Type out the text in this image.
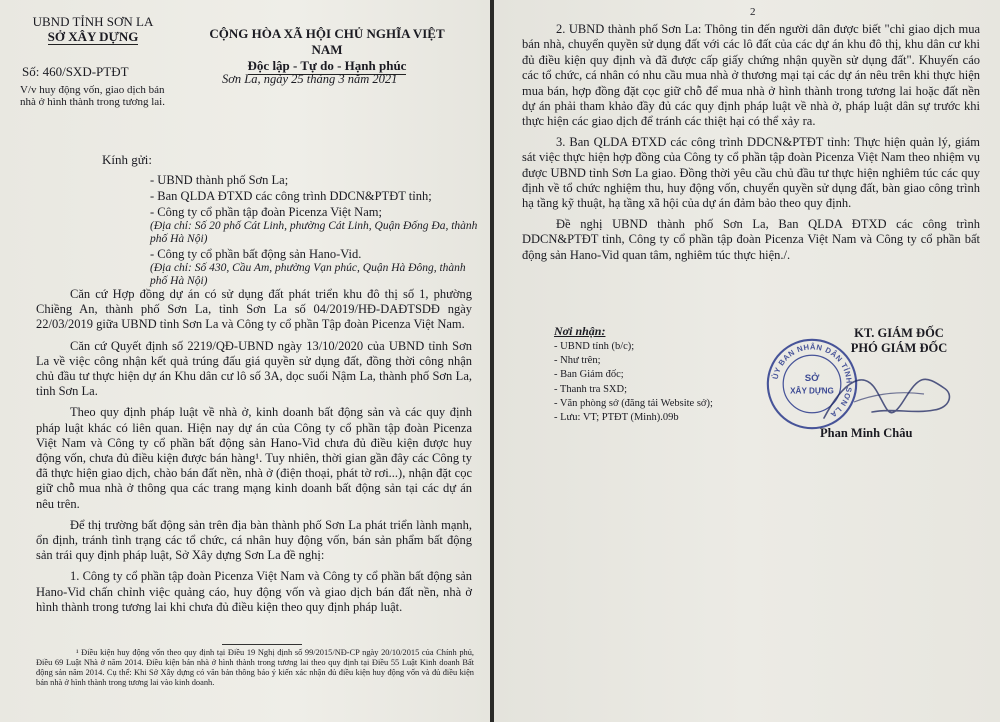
UBND TỈNH SƠN LA
SỞ XÂY DỰNG
Số: 460/SXD-PTĐT
V/v huy động vốn, giao dịch bán nhà ở hình thành trong tương lai.
CỘNG HÒA XÃ HỘI CHỦ NGHĨA VIỆT NAM
Độc lập - Tự do - Hạnh phúc
Sơn La, ngày 25 tháng 3 năm 2021
Kính gửi:
- UBND thành phố Sơn La;
- Ban QLDA ĐTXD các công trình DDCN&PTĐT tỉnh;
- Công ty cổ phần tập đoàn Picenza Việt Nam;
(Địa chỉ: Số 20 phố Cát Linh, phường Cát Linh, Quận Đống Đa, thành phố Hà Nội)
- Công ty cổ phần bất động sản Hano-Vid.
(Địa chỉ: Số 430, Cầu Am, phường Vạn phúc, Quận Hà Đông, thành phố Hà Nội)

Căn cứ Hợp đồng dự án có sử dụng đất phát triển khu đô thị số 1, phường Chiềng An, thành phố Sơn La, tỉnh Sơn La số 04/2019/HĐ-DAĐTSDĐ ngày 22/03/2019 giữa UBND tỉnh Sơn La và Công ty cổ phần Tập đoàn Picenza Việt Nam.

Căn cứ Quyết định số 2219/QĐ-UBND ngày 13/10/2020 của UBND tỉnh Sơn La về việc công nhận kết quả trúng đấu giá quyền sử dụng đất, đồng thời công nhận chủ đầu tư thực hiện dự án Khu dân cư lô số 3A, dọc suối Nậm La, thành phố Sơn La, tỉnh Sơn La.

Theo quy định pháp luật về nhà ở, kinh doanh bất động sản và các quy định pháp luật khác có liên quan. Hiện nay dự án của Công ty cổ phần tập đoàn Picenza Việt Nam và Công ty cổ phần bất động sản Hano-Vid chưa đủ điều kiện được huy động vốn, chưa đủ điều kiện được bán hàng¹. Tuy nhiên, thời gian gần đây các Công ty đã thực hiện giao dịch, chào bán đất nền, nhà ở (điện thoại, phát tờ rơi...), nhận đặt cọc giữ chỗ mua nhà ở thông qua các trang mạng kinh doanh bất động sản tại các dự án nêu trên.

Để thị trường bất động sản trên địa bàn thành phố Sơn La phát triển lành mạnh, ổn định, tránh tình trạng các tổ chức, cá nhân huy động vốn, bán sản phẩm bất động sản trái quy định pháp luật, Sở Xây dựng Sơn La đề nghị:

1. Công ty cổ phần tập đoàn Picenza Việt Nam và Công ty cổ phần bất động sản Hano-Vid chấn chỉnh việc quảng cáo, huy động vốn và giao dịch bán đất nền, nhà ở hình thành trong tương lai khi chưa đủ điều kiện theo quy định pháp luật.

¹ Điều kiện huy động vốn theo quy định tại Điều 19 Nghị định số 99/2015/NĐ-CP ngày 20/10/2015 của Chính phủ, Điều 69 Luật Nhà ở năm 2014. Điều kiện bán nhà ở hình thành trong tương lai theo quy định tại Điều 55 Luật Kinh doanh Bất động sản năm 2014. Cụ thể: Khi Sở Xây dựng có văn bản thông báo ý kiến xác nhận đủ điều kiện huy động vốn và đủ điều kiện bán nhà ở hình thành trong tương lai vào kinh doanh.
2

2. UBND thành phố Sơn La: Thông tin đến người dân được biết "chỉ giao dịch mua bán nhà, chuyển quyền sử dụng đất với các lô đất của các dự án khu đô thị, khu dân cư khi đủ điều kiện quy định và đã được cấp giấy chứng nhận quyền sử dụng đất". Khuyến cáo các tổ chức, cá nhân có nhu cầu mua nhà ở thương mại tại các dự án nêu trên khi thực hiện mua bán, hợp đồng đặt cọc giữ chỗ để mua nhà ở hình thành trong tương lai hoặc đất nền dự án phải tham khảo đầy đủ các quy định pháp luật về nhà ở, pháp luật dân sự trước khi thực hiện các giao dịch để tránh các thiệt hại có thể xảy ra.

3. Ban QLDA ĐTXD các công trình DDCN&PTĐT tỉnh: Thực hiện quản lý, giám sát việc thực hiện hợp đồng của Công ty cổ phần tập đoàn Picenza Việt Nam theo nhiệm vụ được UBND tỉnh Sơn La giao. Đồng thời yêu cầu chủ đầu tư thực hiện nghiêm túc các quy định về tổ chức nghiệm thu, huy động vốn, chuyển quyền sử dụng đất, bàn giao công trình hạ tầng kỹ thuật, hạ tầng xã hội của dự án đảm bảo theo quy định.

Đề nghị UBND thành phố Sơn La, Ban QLDA ĐTXD các công trình DDCN&PTĐT tỉnh, Công ty cổ phần tập đoàn Picenza Việt Nam và Công ty cổ phần bất động sản Hano-Vid quan tâm, nghiêm túc thực hiện./.

Nơi nhận:
- UBND tỉnh (b/c);
- Như trên;
- Ban Giám đốc;
- Thanh tra SXD;
- Văn phòng sở (đăng tải Website sở);
- Lưu: VT; PTĐT (Minh).09b
KT. GIÁM ĐỐC
PHÓ GIÁM ĐỐC
ỦY BAN NHÂN DÂN TỈNH SƠN LA
SỞ
XÂY DỰNG
Phan Minh Châu
